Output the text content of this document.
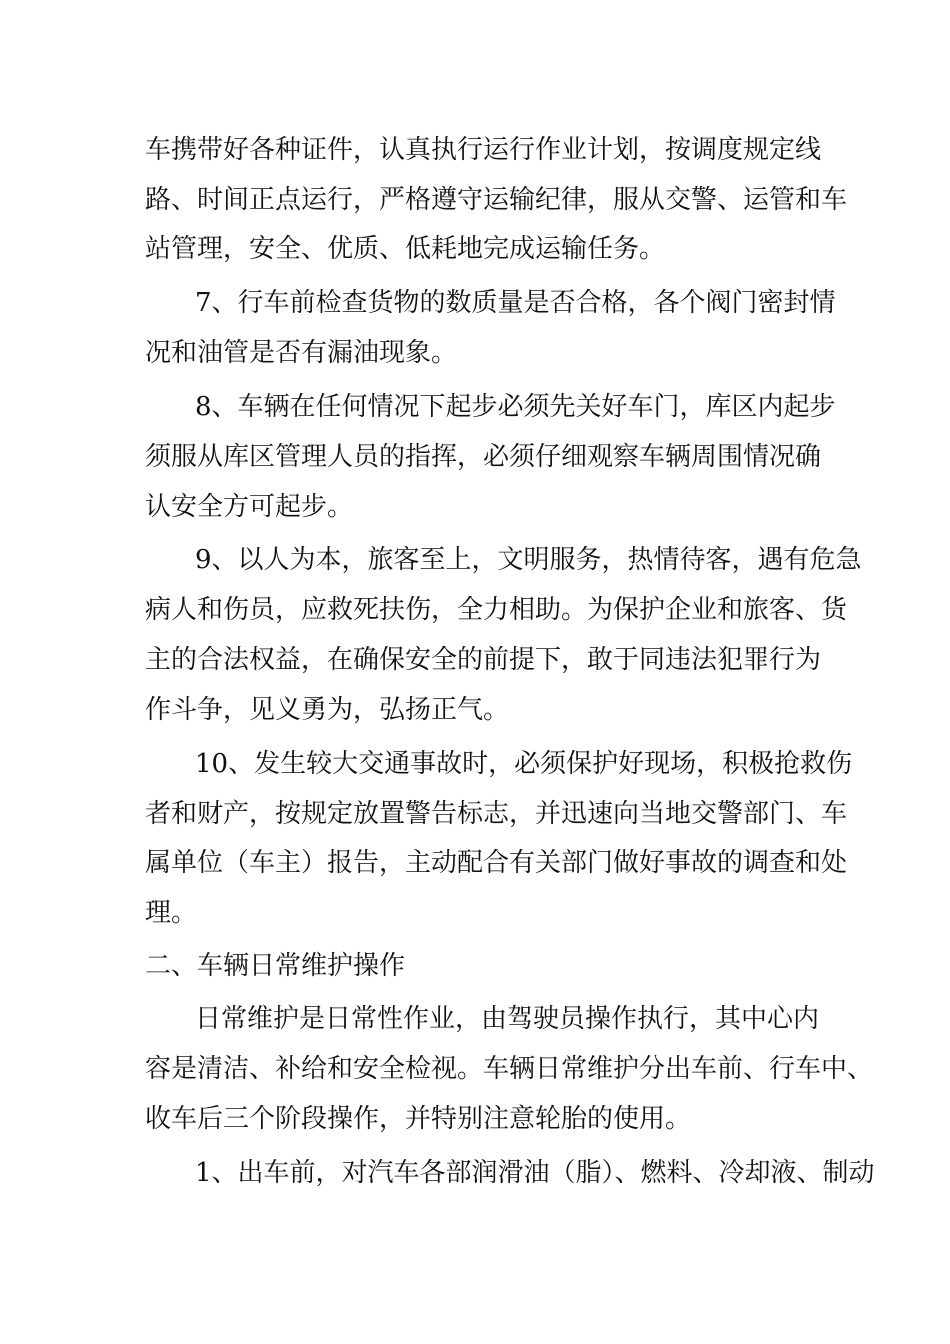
车携带好各种证件，认真执行运行作业计划，按调度规定线
路、时间正点运行，严格遵守运输纪律，服从交警、运管和车
站管理，安全、优质、低耗地完成运输任务。
7、行车前检查货物的数质量是否合格，各个阀门密封情
况和油管是否有漏油现象。
8、车辆在任何情况下起步必须先关好车门，库区内起步
须服从库区管理人员的指挥，必须仔细观察车辆周围情况确
认安全方可起步。
9、以人为本，旅客至上，文明服务，热情待客，遇有危急
病人和伤员，应救死扶伤，全力相助。为保护企业和旅客、货
主的合法权益，在确保安全的前提下，敢于同违法犯罪行为
作斗争，见义勇为，弘扬正气。
10、发生较大交通事故时，必须保护好现场，积极抢救伤
者和财产，按规定放置警告标志，并迅速向当地交警部门、车
属单位（车主）报告，主动配合有关部门做好事故的调查和处
理。
二、车辆日常维护操作
日常维护是日常性作业，由驾驶员操作执行，其中心内
容是清洁、补给和安全检视。车辆日常维护分出车前、行车中、
收车后三个阶段操作，并特别注意轮胎的使用。
1、出车前，对汽车各部润滑油（脂）、燃料、冷却液、制动
